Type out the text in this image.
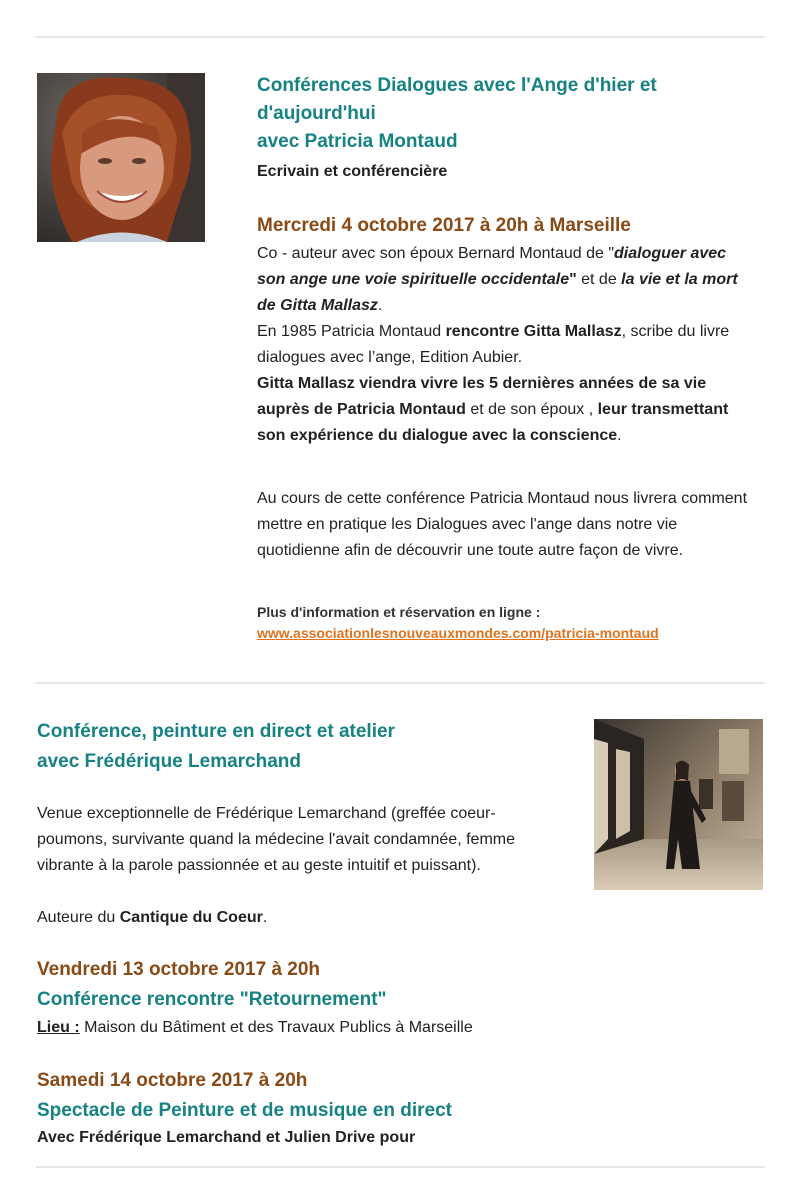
Conférences Dialogues avec l'Ange d'hier et
d'aujourd'hui
avec Patricia Montaud
Ecrivain et conférencière
Mercredi 4 octobre 2017 à 20h à Marseille
Co - auteur avec son époux Bernard Montaud de "dialoguer avec son ange une voie spirituelle occidentale" et de la vie et la mort de Gitta Mallasz.
En 1985 Patricia Montaud rencontre Gitta Mallasz, scribe du livre dialogues avec l’ange, Edition Aubier.
Gitta Mallasz viendra vivre les 5 dernières années de sa vie auprès de Patricia Montaud et de son époux , leur transmettant son expérience du dialogue avec la conscience.
Au cours de cette conférence Patricia Montaud nous livrera comment mettre en pratique les Dialogues avec l'ange dans notre vie quotidienne afin de découvrir une toute autre façon de vivre.
Plus d'information et réservation en ligne :
www.associationlesnouveauxmondes.com/patricia-montaud
Conférence, peinture en direct et atelier
avec Frédérique Lemarchand
Venue exceptionnelle de Frédérique Lemarchand (greffée coeur-poumons, survivante quand la médecine l'avait condamnée, femme vibrante à la parole passionnée et au geste intuitif et puissant).
Auteure du Cantique du Coeur.
Vendredi 13 octobre 2017 à 20h
Conférence rencontre "Retournement"
Lieu : Maison du Bâtiment et des Travaux Publics à Marseille
Samedi 14 octobre 2017 à 20h
Spectacle de Peinture et de musique en direct
Avec Frédérique Lemarchand et Julien Drive pour
